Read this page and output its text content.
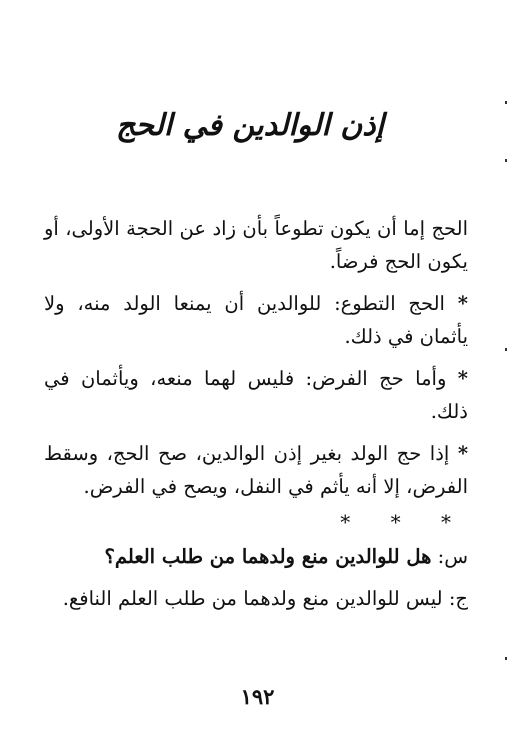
إذن الوالدين في الحج

الحج إما أن يكون تطوعاً بأن زاد عن الحجة الأولى، أو يكون الحج فرضاً.

* الحج التطوع: للوالدين أن يمنعا الولد منه، ولا يأثمان في ذلك.

* وأما حج الفرض: فليس لهما منعه، ويأثمان في ذلك.

* إذا حج الولد بغير إذن الوالدين، صح الحج، وسقط الفرض، إلا أنه يأثم في النفل، ويصح في الفرض.

* * *

س: هل للوالدين منع ولدهما من طلب العلم؟

ج: ليس للوالدين منع ولدهما من طلب العلم النافع.

١٩٢
